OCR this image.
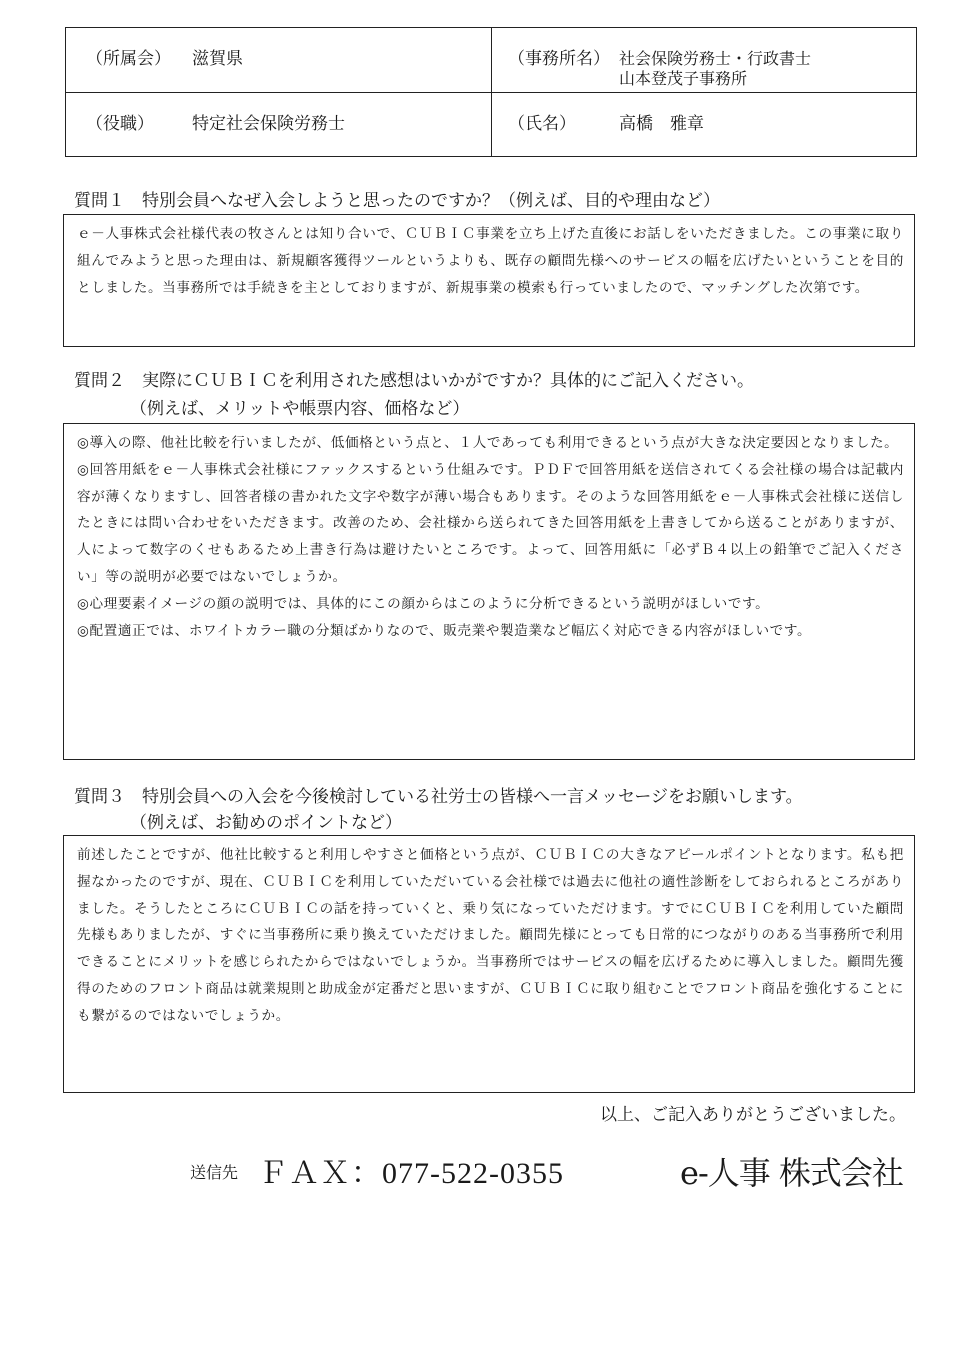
（所属会） 滋賀県	（事務所名） 社会保険労務士・行政書士
山本登茂子事務所
（役職） 特定社会保険労務士	（氏名）	高橋　雅章
質問１　特別会員へなぜ入会しようと思ったのですか？（例えば、目的や理由など）
ｅ－人事株式会社様代表の牧さんとは知り合いで、ＣＵＢＩＣ事業を立ち上げた直後にお話しをいただきました。この事業に取り組んでみようと思った理由は、新規顧客獲得ツールというよりも、既存の顧問先様へのサービスの幅を広げたいということを目的としました。当事務所では手続きを主としておりますが、新規事業の模索も行っていましたので、マッチングした次第です。
質問２　実際にＣＵＢＩＣを利用された感想はいかがですか？具体的にご記入ください。
（例えば、メリットや帳票内容、価格など）

◎導入の際、他社比較を行いましたが、低価格という点と、１人であっても利用できるという点が大きな決定要因となりました。

◎回答用紙をｅ－人事株式会社様にファックスするという仕組みです。ＰＤＦで回答用紙を送信されてくる会社様の場合は記載内容が薄くなりますし、回答者様の書かれた文字や数字が薄い場合もあります。そのような回答用紙をｅ－人事株式会社様に送信したときには問い合わせをいただきます。改善のため、会社様から送られてきた回答用紙を上書きしてから送ることがありますが、人によって数字のくせもあるため上書き行為は避けたいところです。よって、回答用紙に「必ずＢ４以上の鉛筆でご記入ください」等の説明が必要ではないでしょうか。

◎心理要素イメージの顔の説明では、具体的にこの顔からはこのように分析できるという説明がほしいです。

◎配置適正では、ホワイトカラー職の分類ばかりなので、販売業や製造業など幅広く対応できる内容がほしいです。

質問３　特別会員への入会を今後検討している社労士の皆様へ一言メッセージをお願いします。
（例えば、お勧めのポイントなど）
前述したことですが、他社比較すると利用しやすさと価格という点が、ＣＵＢＩＣの大きなアピールポイントとなります。私も把握なかったのですが、現在、ＣＵＢＩＣを利用していただいている会社様では過去に他社の適性診断をしておられるところがありました。そうしたところにＣＵＢＩＣの話を持っていくと、乗り気になっていただけます。すでにＣＵＢＩＣを利用していた顧問先様もありましたが、すぐに当事務所に乗り換えていただけました。顧問先様にとっても日常的につながりのある当事務所で利用できることにメリットを感じられたからではないでしょうか。当事務所ではサービスの幅を広げるために導入しました。顧問先獲得のためのフロント商品は就業規則と助成金が定番だと思いますが、ＣＵＢＩＣに取り組むことでフロント商品を強化することにも繋がるのではないでしょうか。
以上、ご記入ありがとうございました。
送信先 ＦＡＸ：077-522-0355	e-人事 株式会社
